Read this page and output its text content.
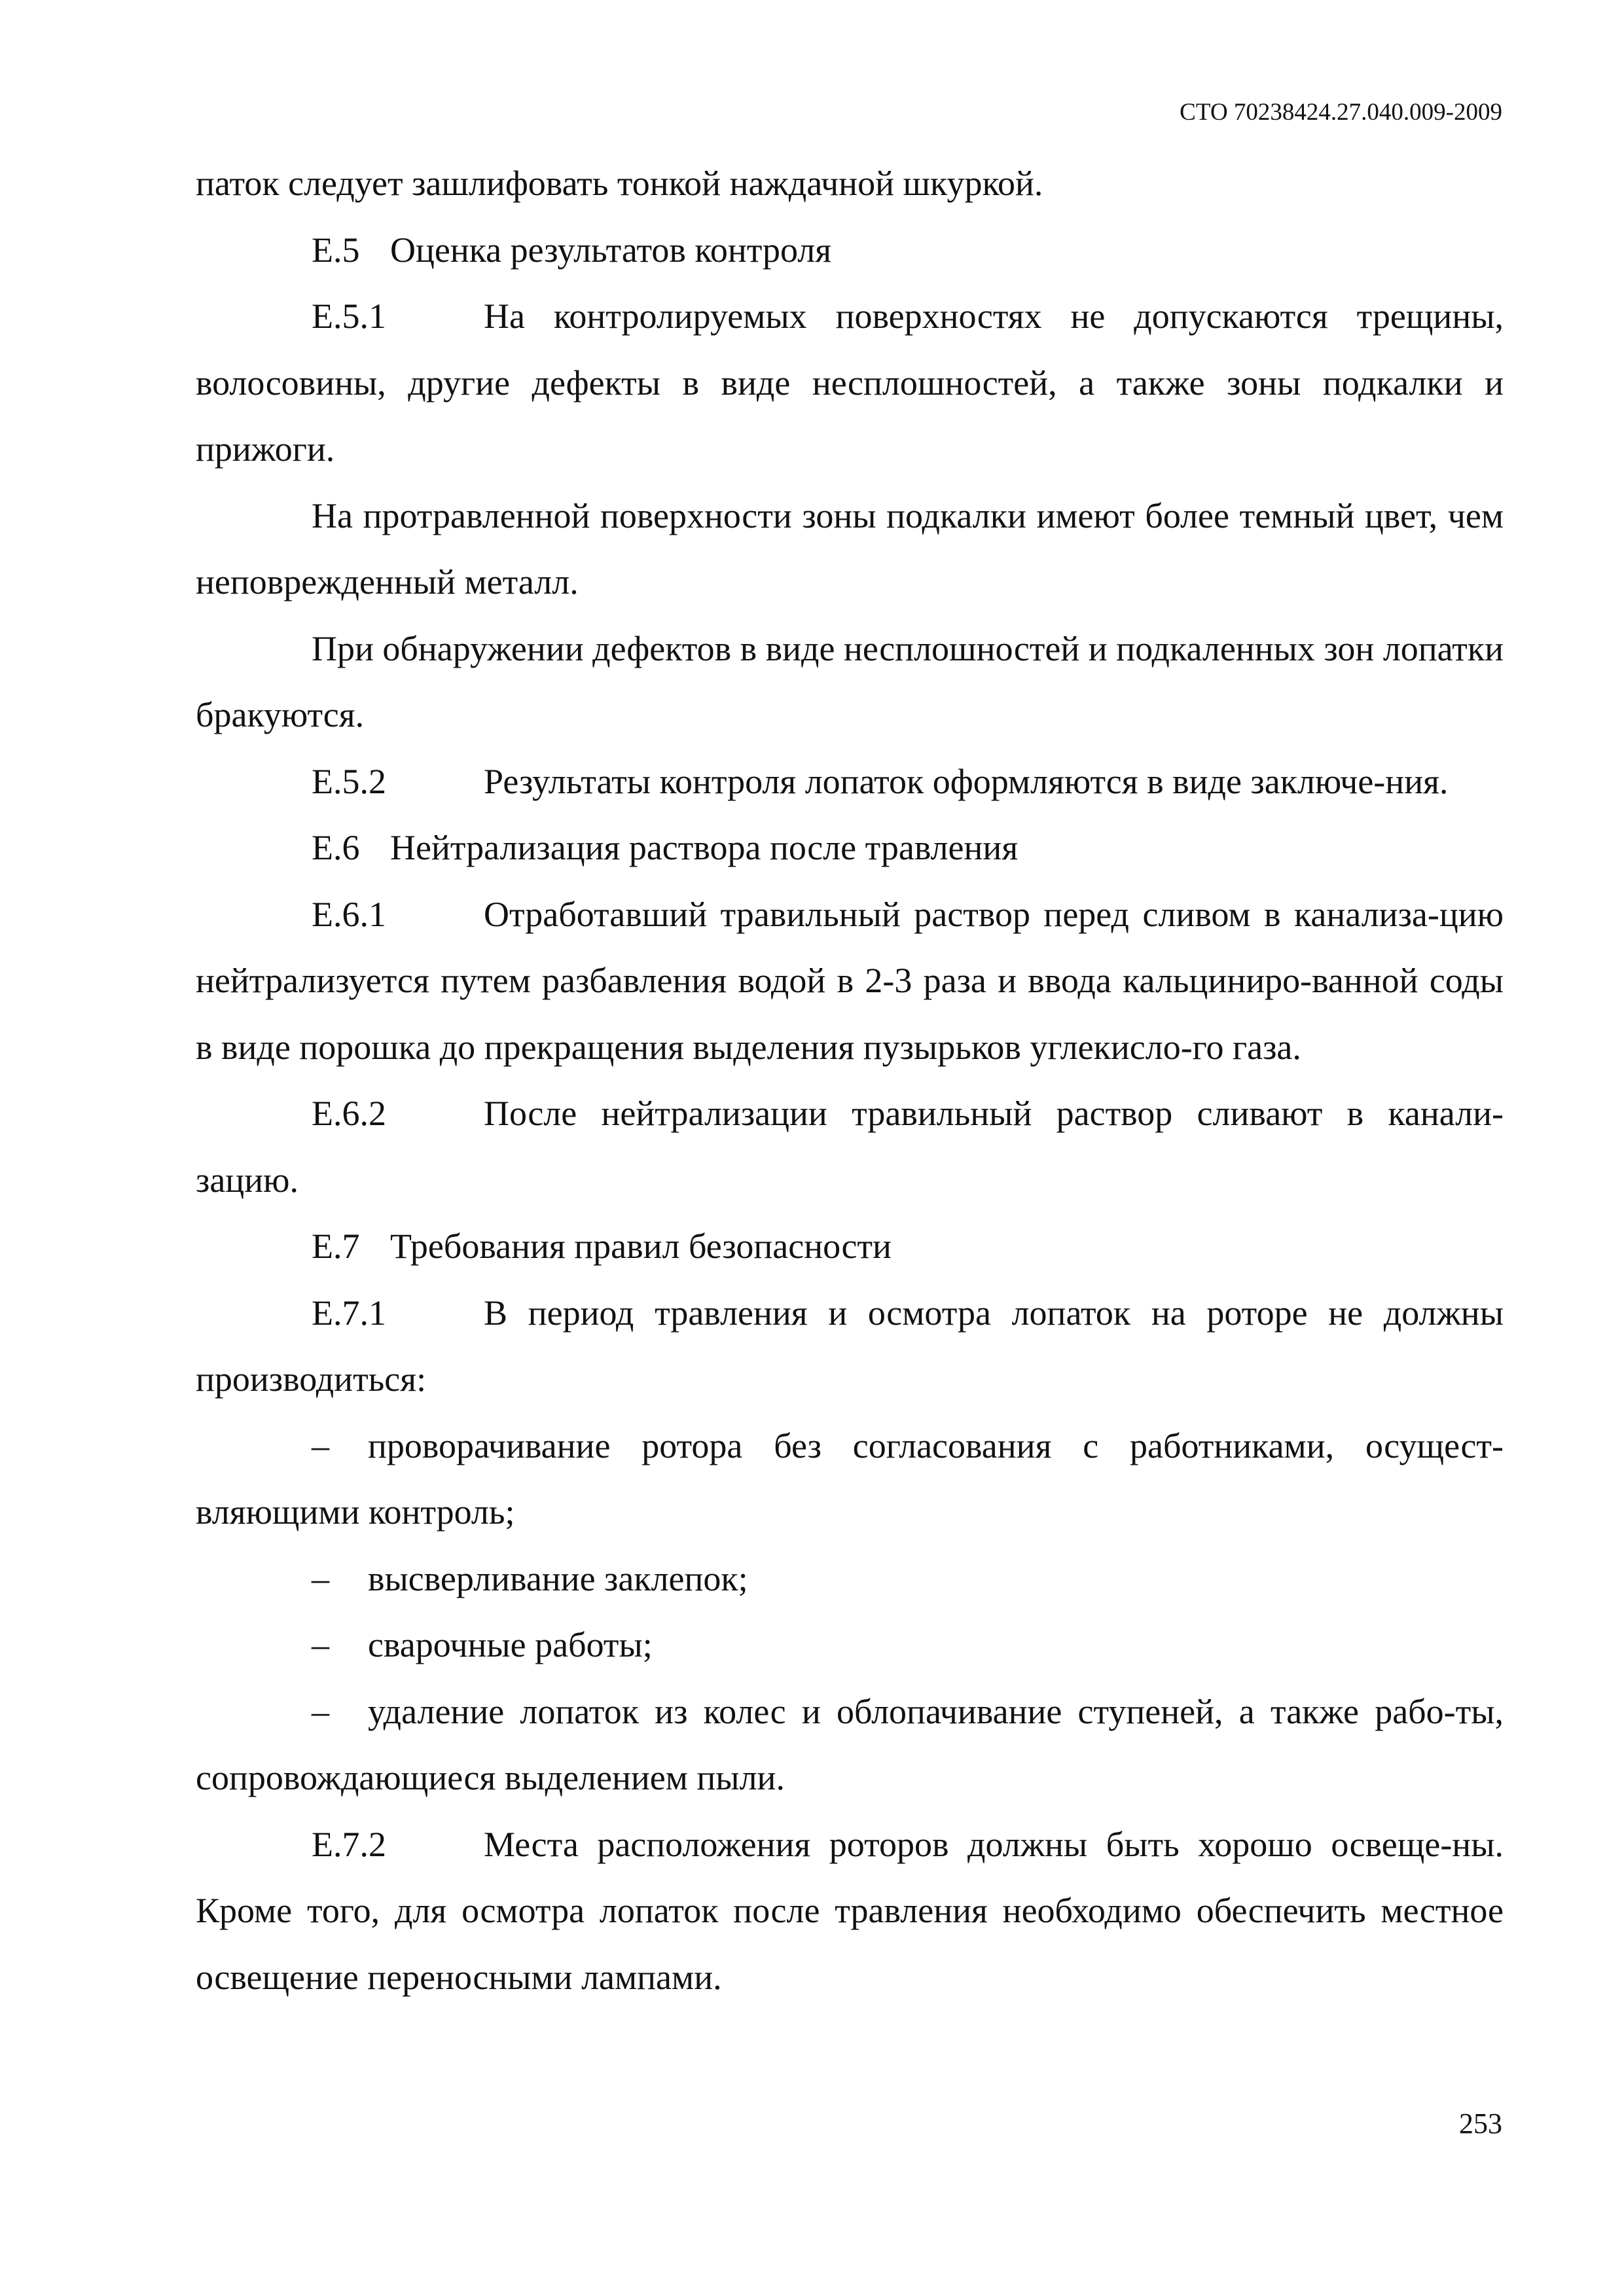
СТО 70238424.27.040.009-2009

паток следует зашлифовать тонкой наждачной шкуркой.

Е.5 Оценка результатов контроля

Е.5.1	На контролируемых поверхностях не допускаются трещины, волосовины, другие дефекты в виде несплошностей, а также зоны подкалки и прижоги.

На протравленной поверхности зоны подкалки имеют более темный цвет, чем неповрежденный металл.

При обнаружении дефектов в виде несплошностей и подкаленных зон лопатки бракуются.

Е.5.2	Результаты контроля лопаток оформляются в виде заключе-ния.

Е.6 Нейтрализация раствора после травления

Е.6.1	Отработавший травильный раствор перед сливом в канализа-цию нейтрализуется путем разбавления водой в 2-3 раза и ввода кальциниро-ванной соды в виде порошка до прекращения выделения пузырьков углекисло-го газа.

Е.6.2	После нейтрализации травильный раствор сливают в канали-зацию.

Е.7 Требования правил безопасности

Е.7.1	В период травления и осмотра лопаток на роторе не должны производиться:

– проворачивание ротора без согласования с работниками, осущест-вляющими контроль;

– высверливание заклепок;

– сварочные работы;

– удаление лопаток из колес и облопачивание ступеней, а также рабо-ты, сопровождающиеся выделением пыли.

Е.7.2	Места расположения роторов должны быть хорошо освеще-ны. Кроме того, для осмотра лопаток после травления необходимо обеспечить местное освещение переносными лампами.

253
